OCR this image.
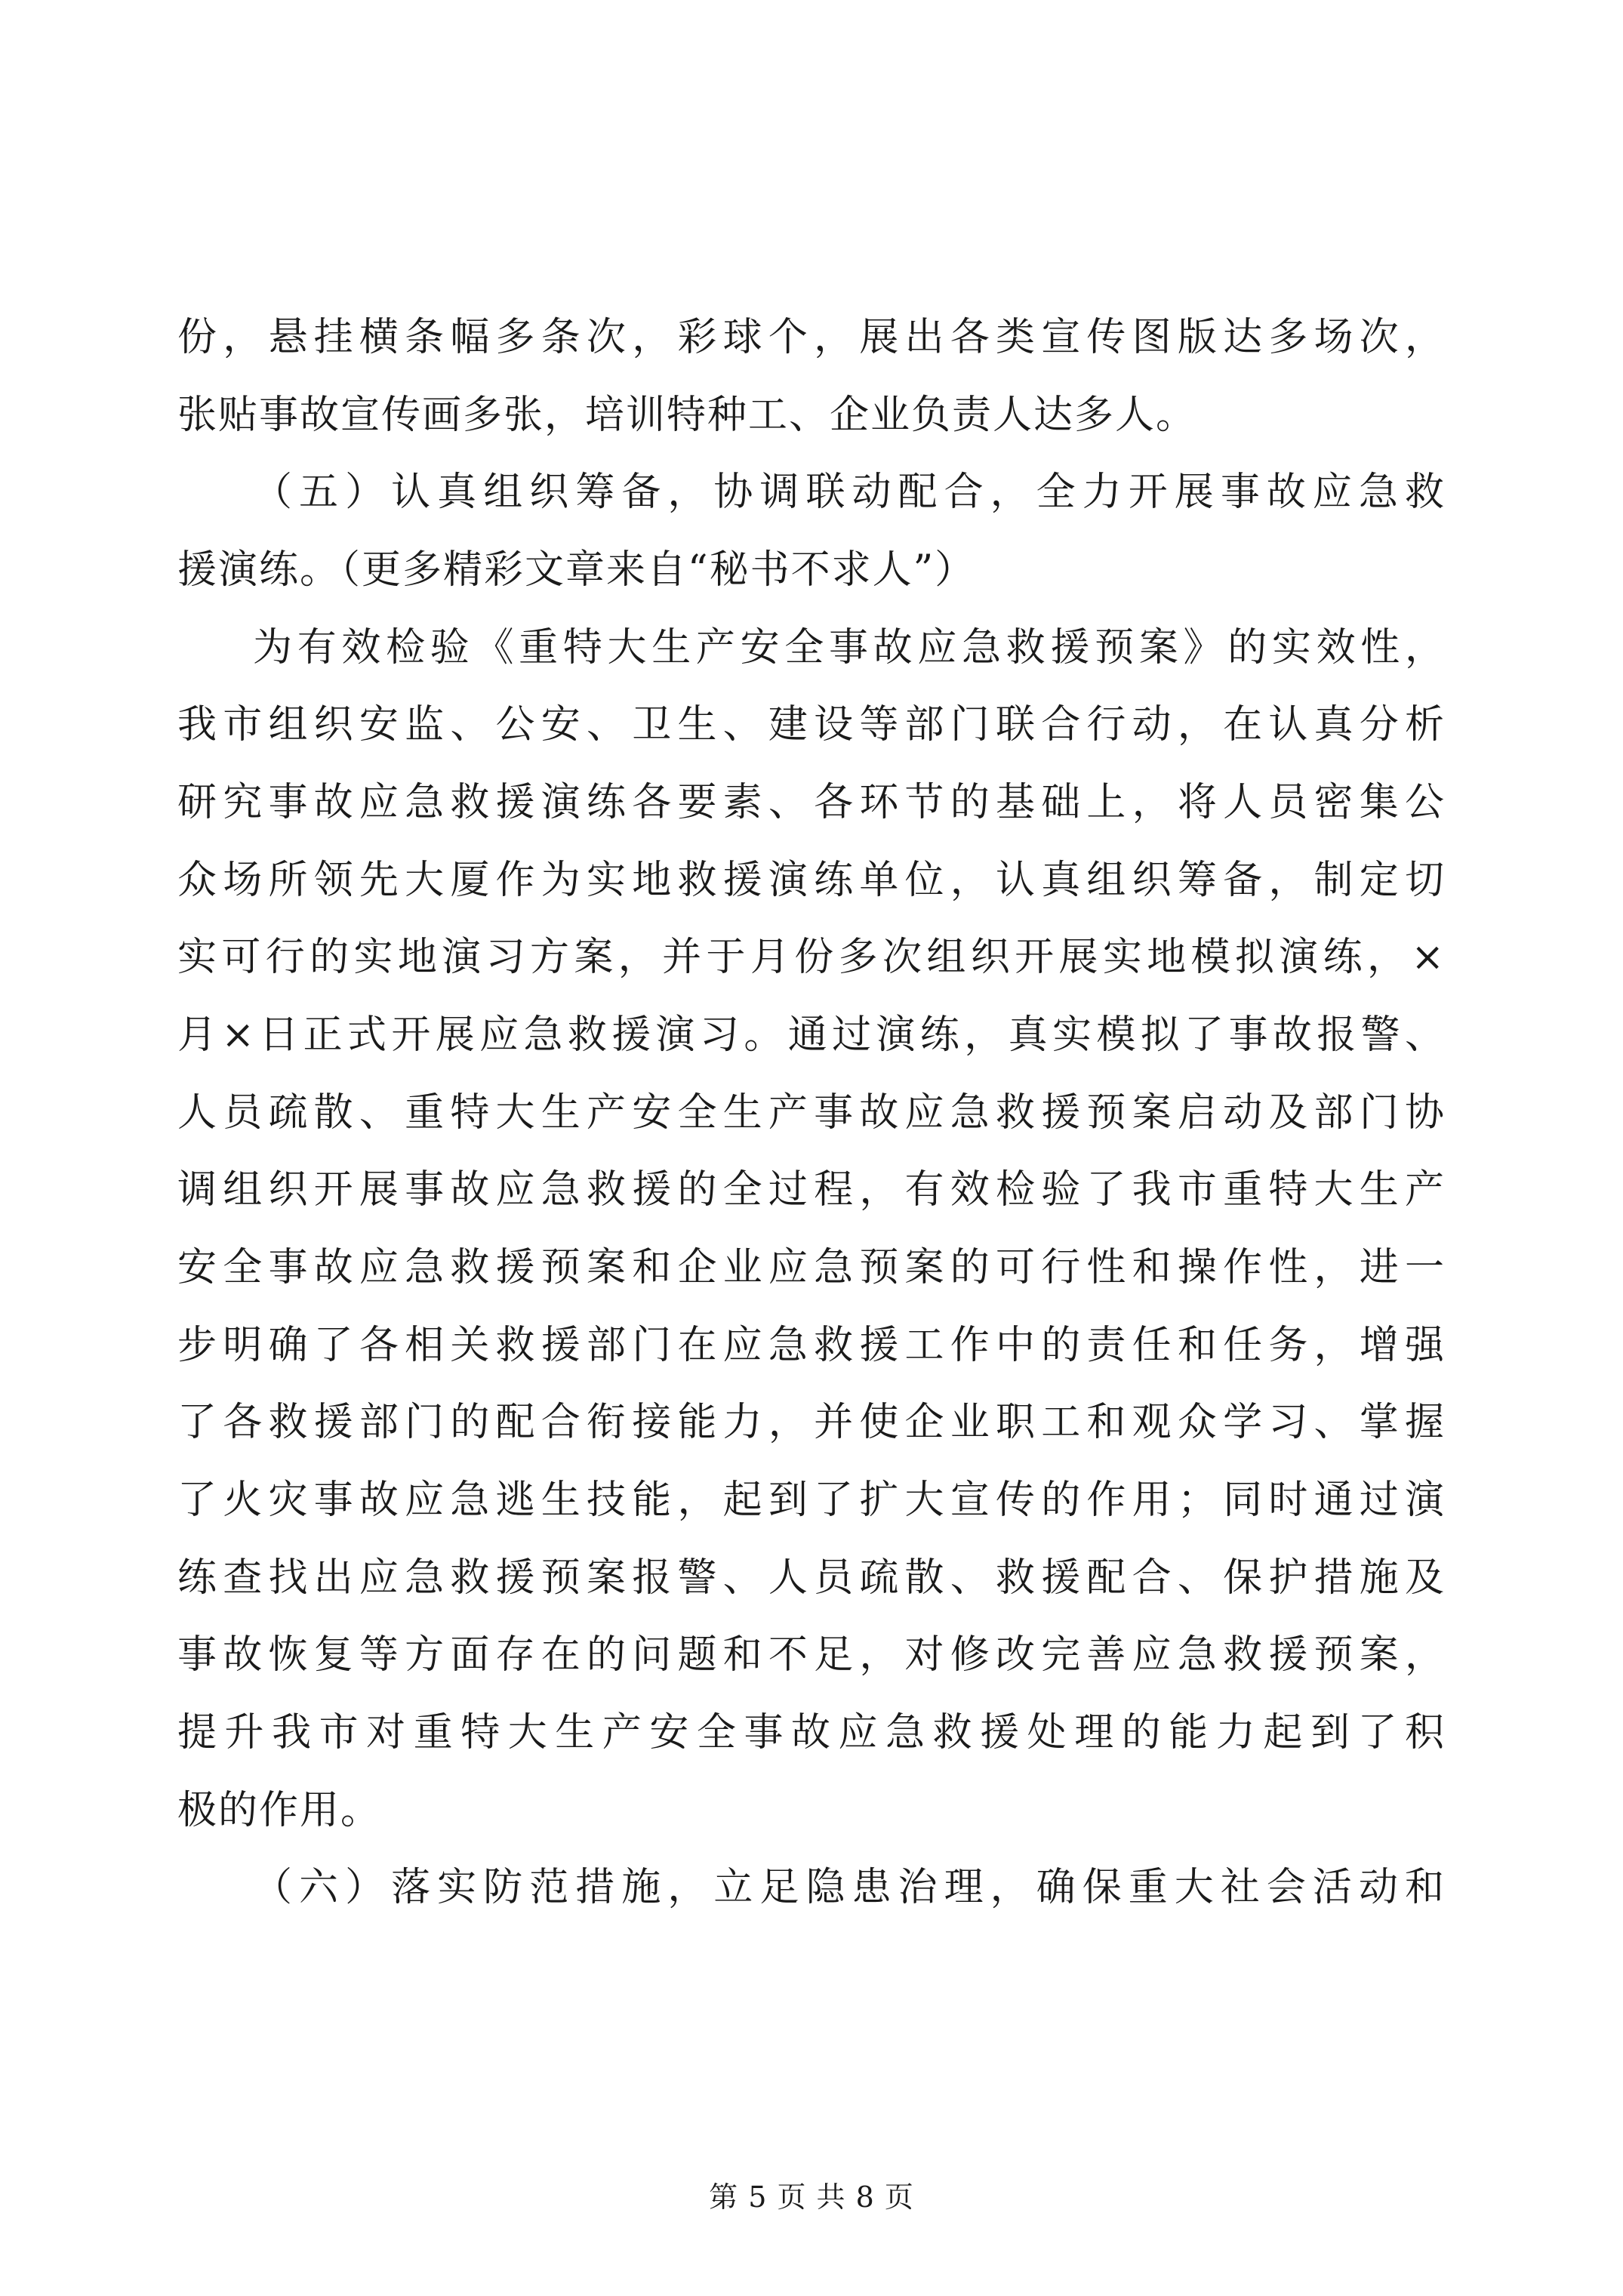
份，悬挂横条幅多条次，彩球个，展出各类宣传图版达多场次，
张贴事故宣传画多张，培训特种工、企业负责人达多人。
（五）认真组织筹备，协调联动配合，全力开展事故应急救
援演练。（更多精彩文章来自“秘书不求人”）
为有效检验《重特大生产安全事故应急救援预案》的实效性，
我市组织安监、公安、卫生、建设等部门联合行动，在认真分析
研究事故应急救援演练各要素、各环节的基础上，将人员密集公
众场所领先大厦作为实地救援演练单位，认真组织筹备，制定切
实可行的实地演习方案，并于月份多次组织开展实地模拟演练，×
月×日正式开展应急救援演习。通过演练，真实模拟了事故报警、
人员疏散、重特大生产安全生产事故应急救援预案启动及部门协
调组织开展事故应急救援的全过程，有效检验了我市重特大生产
安全事故应急救援预案和企业应急预案的可行性和操作性，进一
步明确了各相关救援部门在应急救援工作中的责任和任务，增强
了各救援部门的配合衔接能力，并使企业职工和观众学习、掌握
了火灾事故应急逃生技能，起到了扩大宣传的作用；同时通过演
练查找出应急救援预案报警、人员疏散、救援配合、保护措施及
事故恢复等方面存在的问题和不足，对修改完善应急救援预案，
提升我市对重特大生产安全事故应急救援处理的能力起到了积
极的作用。
（六）落实防范措施，立足隐患治理，确保重大社会活动和
第 5 页 共 8 页
